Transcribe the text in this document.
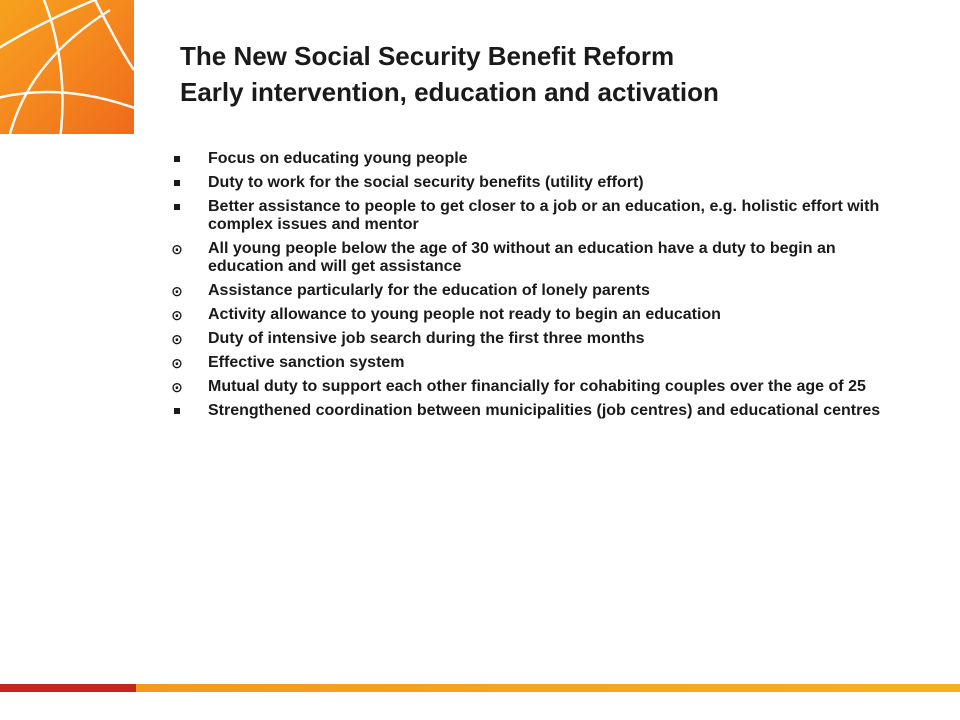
The New Social Security Benefit Reform
Early intervention, education and activation
Focus on educating young people
Duty to work for the social security benefits (utility effort)
Better assistance to people to get closer to a job or an education, e.g. holistic effort with complex issues and mentor
⊙ All young people below the age of 30 without an education have a duty to begin an education and will get assistance
⊙ Assistance particularly for the education of lonely parents
⊙ Activity allowance to young people not ready to begin an education
⊙ Duty of intensive job search during the first three months
⊙ Effective sanction system
⊙ Mutual duty to support each other financially for cohabiting couples over the age of 25
Strengthened coordination between municipalities (job centres) and educational centres
